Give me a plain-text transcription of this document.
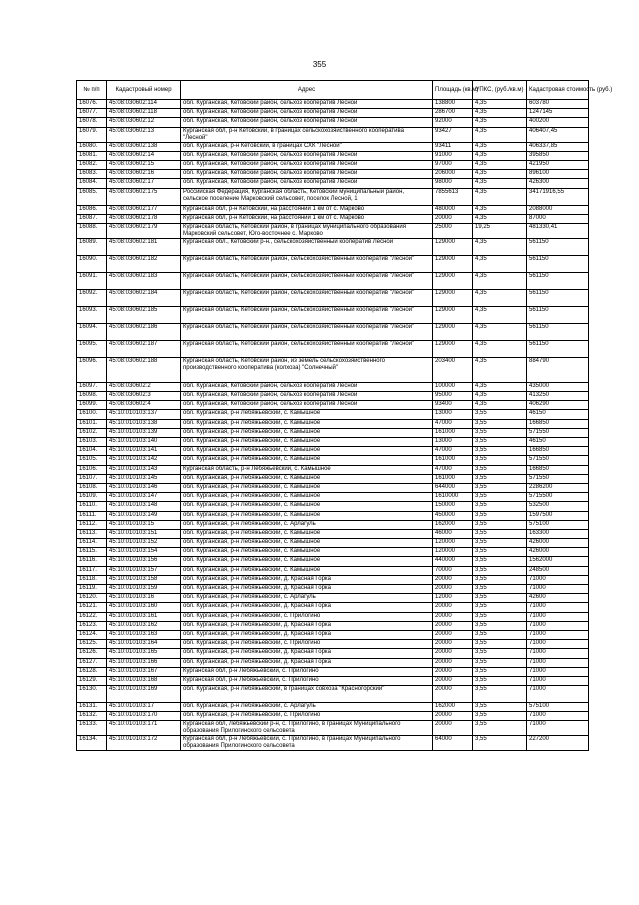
355
№ п/п	Кадастровый номер	Адрес	Площадь (кв.м)	УПКС, (руб./кв.м)	Кадастровая стоимость (руб.)
16076.	45:08:030602:114	обл. Курганская, Кетовский район, сельхоз кооператив Лесной	138800	4,35	603780
16077.	45:08:030602:118	обл. Курганская, Кетовский район, сельхоз кооператив Лесной	286700	4,35	1247145
16078.	45:08:030602:12	обл. Курганская, Кетовский район, сельхоз кооператив Лесной	92000	4,35	400200
16079.	45:08:030602:13	Курганская обл, р-н Кетовский, в границах сельскохозяйственного кооператива "Лесной"	93427	4,35	406407,45
16080.	45:08:030602:138	обл. Курганская, р-н Кетовский, в границах СХК "Лесной"	93411	4,35	406337,85
16081.	45:08:030602:14	обл. Курганская, Кетовский район, сельхоз кооператив Лесной	91000	4,35	395850
16082.	45:08:030602:15	обл. Курганская, Кетовский район, сельхоз кооператив Лесной	97000	4,35	421950
16083.	45:08:030602:16	обл. Курганская, Кетовский район, сельхоз кооператив Лесной	206000	4,35	896100
16084.	45:08:030602:17	обл. Курганская, Кетовский район, сельхоз кооператив Лесной	98000	4,35	426300
16085.	45:08:030602:175	Российская Федерация, Курганская область, Кетовский муниципальный район, сельское поселение Марковский сельсовет, поселок Лесной, 1	7855613	4,35	34171916,55
16086.	45:08:030602:177	Курганская обл, р-н Кетовский, на расстоянии 1 км от с. Марково	480000	4,35	2088000
16087.	45:08:030602:178	Курганская обл, р-н Кетовский, на расстоянии 1 км от с. Марково	20000	4,35	87000
16088.	45:08:030602:179	Курганская область, Кетовский район, в границах муниципального образования Марковский сельсовет, Юго-восточнее с. Марково	25000	19,25	481330,41
16089.	45:08:030602:181	Курганская обл., Кетовский р-н., сельскохозяйственный кооператив Лесной	129000	4,35	561150
16090.	45:08:030602:182	Курганская область, Кетовский район, сельскохозяйственный кооператив "Лесной"	129000	4,35	561150
16091.	45:08:030602:183	Курганская область, Кетовский район, сельскохозяйственный кооператив "Лесной"	129000	4,35	561150
16092.	45:08:030602:184	Курганская область, Кетовский район, сельскохозяйственный кооператив "Лесной"	129000	4,35	561150
16093.	45:08:030602:185	Курганская область, Кетовский район, сельскохозяйственный кооператив "Лесной"	129000	4,35	561150
16094.	45:08:030602:186	Курганская область, Кетовский район, сельскохозяйственный кооператив "Лесной"	129000	4,35	561150
16095.	45:08:030602:187	Курганская область, Кетовский район, сельскохозяйственный кооператив "Лесной"	129000	4,35	561150
16096.	45:08:030602:188	Курганская область, Кетовский район, из земель сельскохозяйственного производственного кооператива (колхоза) "Солнечный"	203400	4,35	884790
16097.	45:08:030602:2	обл. Курганская, Кетовский район, сельхоз кооператив Лесной	100000	4,35	435000
16098.	45:08:030602:3	обл. Курганская, Кетовский район, сельхоз кооператив Лесной	95000	4,35	413250
16099.	45:08:030602:4	обл. Курганская, Кетовский район, сельхоз кооператив Лесной	93400	4,35	406290
16100.	45:10:010103:137	обл. Курганская, р-н Лебяжьевский, с. Камышное	13000	3,55	46150
16101.	45:10:010103:138	обл. Курганская, р-н Лебяжьевский, с. Камышное	47000	3,55	166850
16102.	45:10:010103:139	обл. Курганская, р-н Лебяжьевский, с. Камышное	161000	3,55	571550
16103.	45:10:010103:140	обл. Курганская, р-н Лебяжьевский, с. Камышное	13000	3,55	46150
16104.	45:10:010103:141	обл. Курганская, р-н Лебяжьевский, с. Камышное	47000	3,55	166850
16105.	45:10:010103:142	обл. Курганская, р-н Лебяжьевский, с. Камышное	161000	3,55	571550
16106.	45:10:010103:143	Курганская область, р-н Лебяжьевский, с. Камышное	47000	3,55	166850
16107.	45:10:010103:145	обл. Курганская, р-н Лебяжьевский, с. Камышное	161000	3,55	571550
16108.	45:10:010103:146	обл. Курганская, р-н Лебяжьевский, с. Камышное	644000	3,55	2286200
16109.	45:10:010103:147	обл. Курганская, р-н Лебяжьевский, с. Камышное	1610000	3,55	5715500
16110.	45:10:010103:148	обл. Курганская, р-н Лебяжьевский, с. Камышное	150000	3,55	532500
16111.	45:10:010103:149	обл. Курганская, р-н Лебяжьевский, с. Камышное	450000	3,55	1597500
16112.	45:10:010103:15	обл. Курганская, р-н Лебяжьевский, с. Арлагуль	162000	3,55	575100
16113.	45:10:010103:151	обл. Курганская, р-н Лебяжьевский, с. Камышное	46000	3,55	163300
16114.	45:10:010103:152	обл. Курганская, р-н Лебяжьевский, с. Камышное	120000	3,55	426000
16115.	45:10:010103:154	обл. Курганская, р-н Лебяжьевский, с. Камышное	120000	3,55	426000
16116.	45:10:010103:156	обл. Курганская, р-н Лебяжьевский, с. Камышное	440000	3,55	1562000
16117.	45:10:010103:157	обл. Курганская, р-н Лебяжьевский, с. Камышное	70000	3,55	248500
16118.	45:10:010103:158	обл. Курганская, р-н Лебяжьевский, д. Красная Горка	20000	3,55	71000
16119.	45:10:010103:159	обл. Курганская, р-н Лебяжьевский, д. Красная Горка	20000	3,55	71000
16120.	45:10:010103:16	обл. Курганская, р-н Лебяжьевский, с. Арлагуль	12000	3,55	42600
16121.	45:10:010103:160	обл. Курганская, р-н Лебяжьевский, д. Красная Горка	20000	3,55	71000
16122.	45:10:010103:161	обл. Курганская, р-н Лебяжьевский, с. Прилогино	20000	3,55	71000
16123.	45:10:010103:162	обл. Курганская, р-н Лебяжьевский, д. Красная Горка	20000	3,55	71000
16124.	45:10:010103:163	обл. Курганская, р-н Лебяжьевский, д. Красная Горка	20000	3,55	71000
16125.	45:10:010103:164	обл. Курганская, р-н Лебяжьевский, с. Прилогино	20000	3,55	71000
16126.	45:10:010103:165	обл. Курганская, р-н Лебяжьевский, д. Красная Горка	20000	3,55	71000
16127.	45:10:010103:166	обл. Курганская, р-н Лебяжьевский, д. Красная Горка	20000	3,55	71000
16128.	45:10:010103:167	Курганская обл, р-н Лебяжьевский, с. Прилогино	20000	3,55	71000
16129.	45:10:010103:168	Курганская обл, р-н Лебяжьевский, с. Прилогино	20000	3,55	71000
16130.	45:10:010103:169	обл. Курганская, р-н Лебяжьевский, в границах совхоза "Красногорский"	20000	3,55	71000
16131.	45:10:010103:17	обл. Курганская, р-н Лебяжьевский, с. Арлагуль	162000	3,55	575100
16132.	45:10:010103:170	обл. Курганская, р-н Лебяжьевский, с. Прилогино	20000	3,55	71000
16133.	45:10:010103:171	Курганская обл, Лебяжьевский р-н, с. Прилогино, в границах Муниципального образования Прилогинского сельсовета	20000	3,55	71000
16134.	45:10:010103:172	Курганская обл, р-н Лебяжьевский, с. Прилогино, в границах Муниципального образования Прилогинского сельсовета	64000	3,55	227200
